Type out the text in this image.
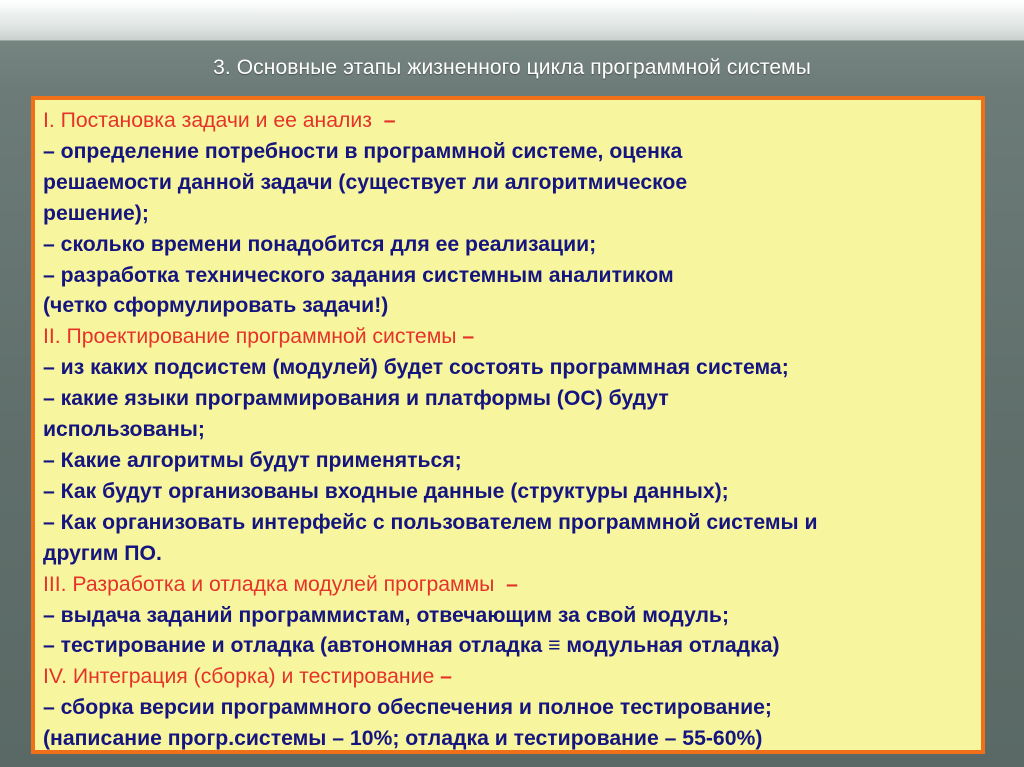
3. Основные этапы жизненного цикла программной системы
I. Постановка задачи и ее анализ –
– определение потребности в программной системе, оценка
решаемости данной задачи (существует ли алгоритмическое
решение);
– сколько времени понадобится для ее реализации;
– разработка технического задания системным аналитиком
(четко сформулировать задачи!)
II. Проектирование программной системы –
– из каких подсистем (модулей) будет состоять программная система;
– какие языки программирования и платформы (ОС) будут
использованы;
– Какие алгоритмы будут применяться;
– Как будут организованы входные данные (структуры данных);
– Как организовать интерфейс с пользователем программной системы и
другим ПО.
III. Разработка и отладка модулей программы –
– выдача заданий программистам, отвечающим за свой модуль;
– тестирование и отладка (автономная отладка ≡ модульная отладка)
IV. Интеграция (сборка) и тестирование –
– сборка версии программного обеспечения и полное тестирование;
(написание прогр.системы – 10%; отладка и тестирование – 55-60%)
